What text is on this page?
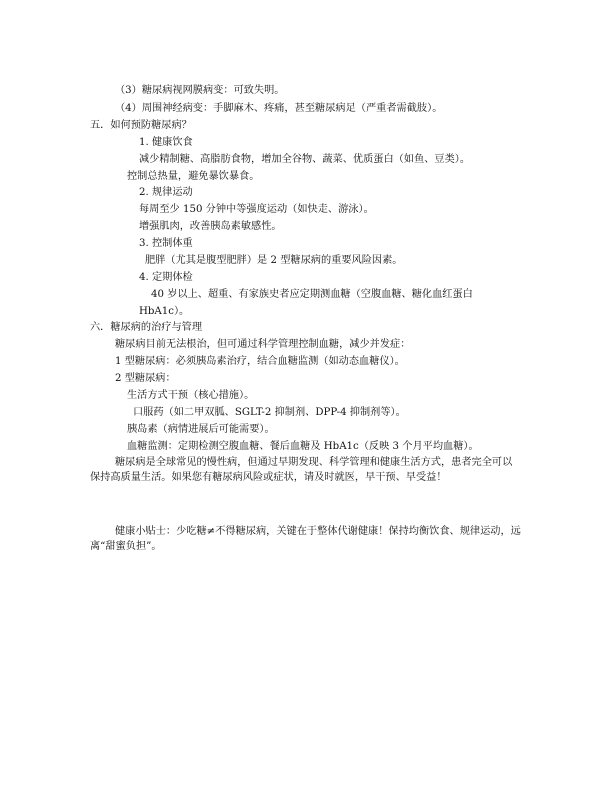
（3）糖尿病视网膜病变：可致失明。
（4）周围神经病变：手脚麻木、疼痛，甚至糖尿病足（严重者需截肢）。
五．如何预防糖尿病？
1. 健康饮食
减少精制糖、高脂肪食物，增加全谷物、蔬菜、优质蛋白（如鱼、豆类）。
控制总热量，避免暴饮暴食。
2. 规律运动
每周至少 150 分钟中等强度运动（如快走、游泳）。
增强肌肉，改善胰岛素敏感性。
3. 控制体重
肥胖（尤其是腹型肥胖）是 2 型糖尿病的重要风险因素。
4. 定期体检
40 岁以上、超重、有家族史者应定期测血糖（空腹血糖、糖化血红蛋白
HbA1c）。
六．糖尿病的治疗与管理
糖尿病目前无法根治，但可通过科学管理控制血糖，减少并发症：
1 型糖尿病：必须胰岛素治疗，结合血糖监测（如动态血糖仪）。
2 型糖尿病：
生活方式干预（核心措施）。
口服药（如二甲双胍、SGLT-2 抑制剂、DPP-4 抑制剂等）。
胰岛素（病情进展后可能需要）。
血糖监测：定期检测空腹血糖、餐后血糖及 HbA1c（反映 3 个月平均血糖）。
糖尿病是全球常见的慢性病，但通过早期发现、科学管理和健康生活方式，患者完全可以保持高质量生活。如果您有糖尿病风险或症状，请及时就医，早干预、早受益！
健康小贴士：少吃糖≠不得糖尿病，关键在于整体代谢健康！保持均衡饮食、规律运动，远离“甜蜜负担”。
